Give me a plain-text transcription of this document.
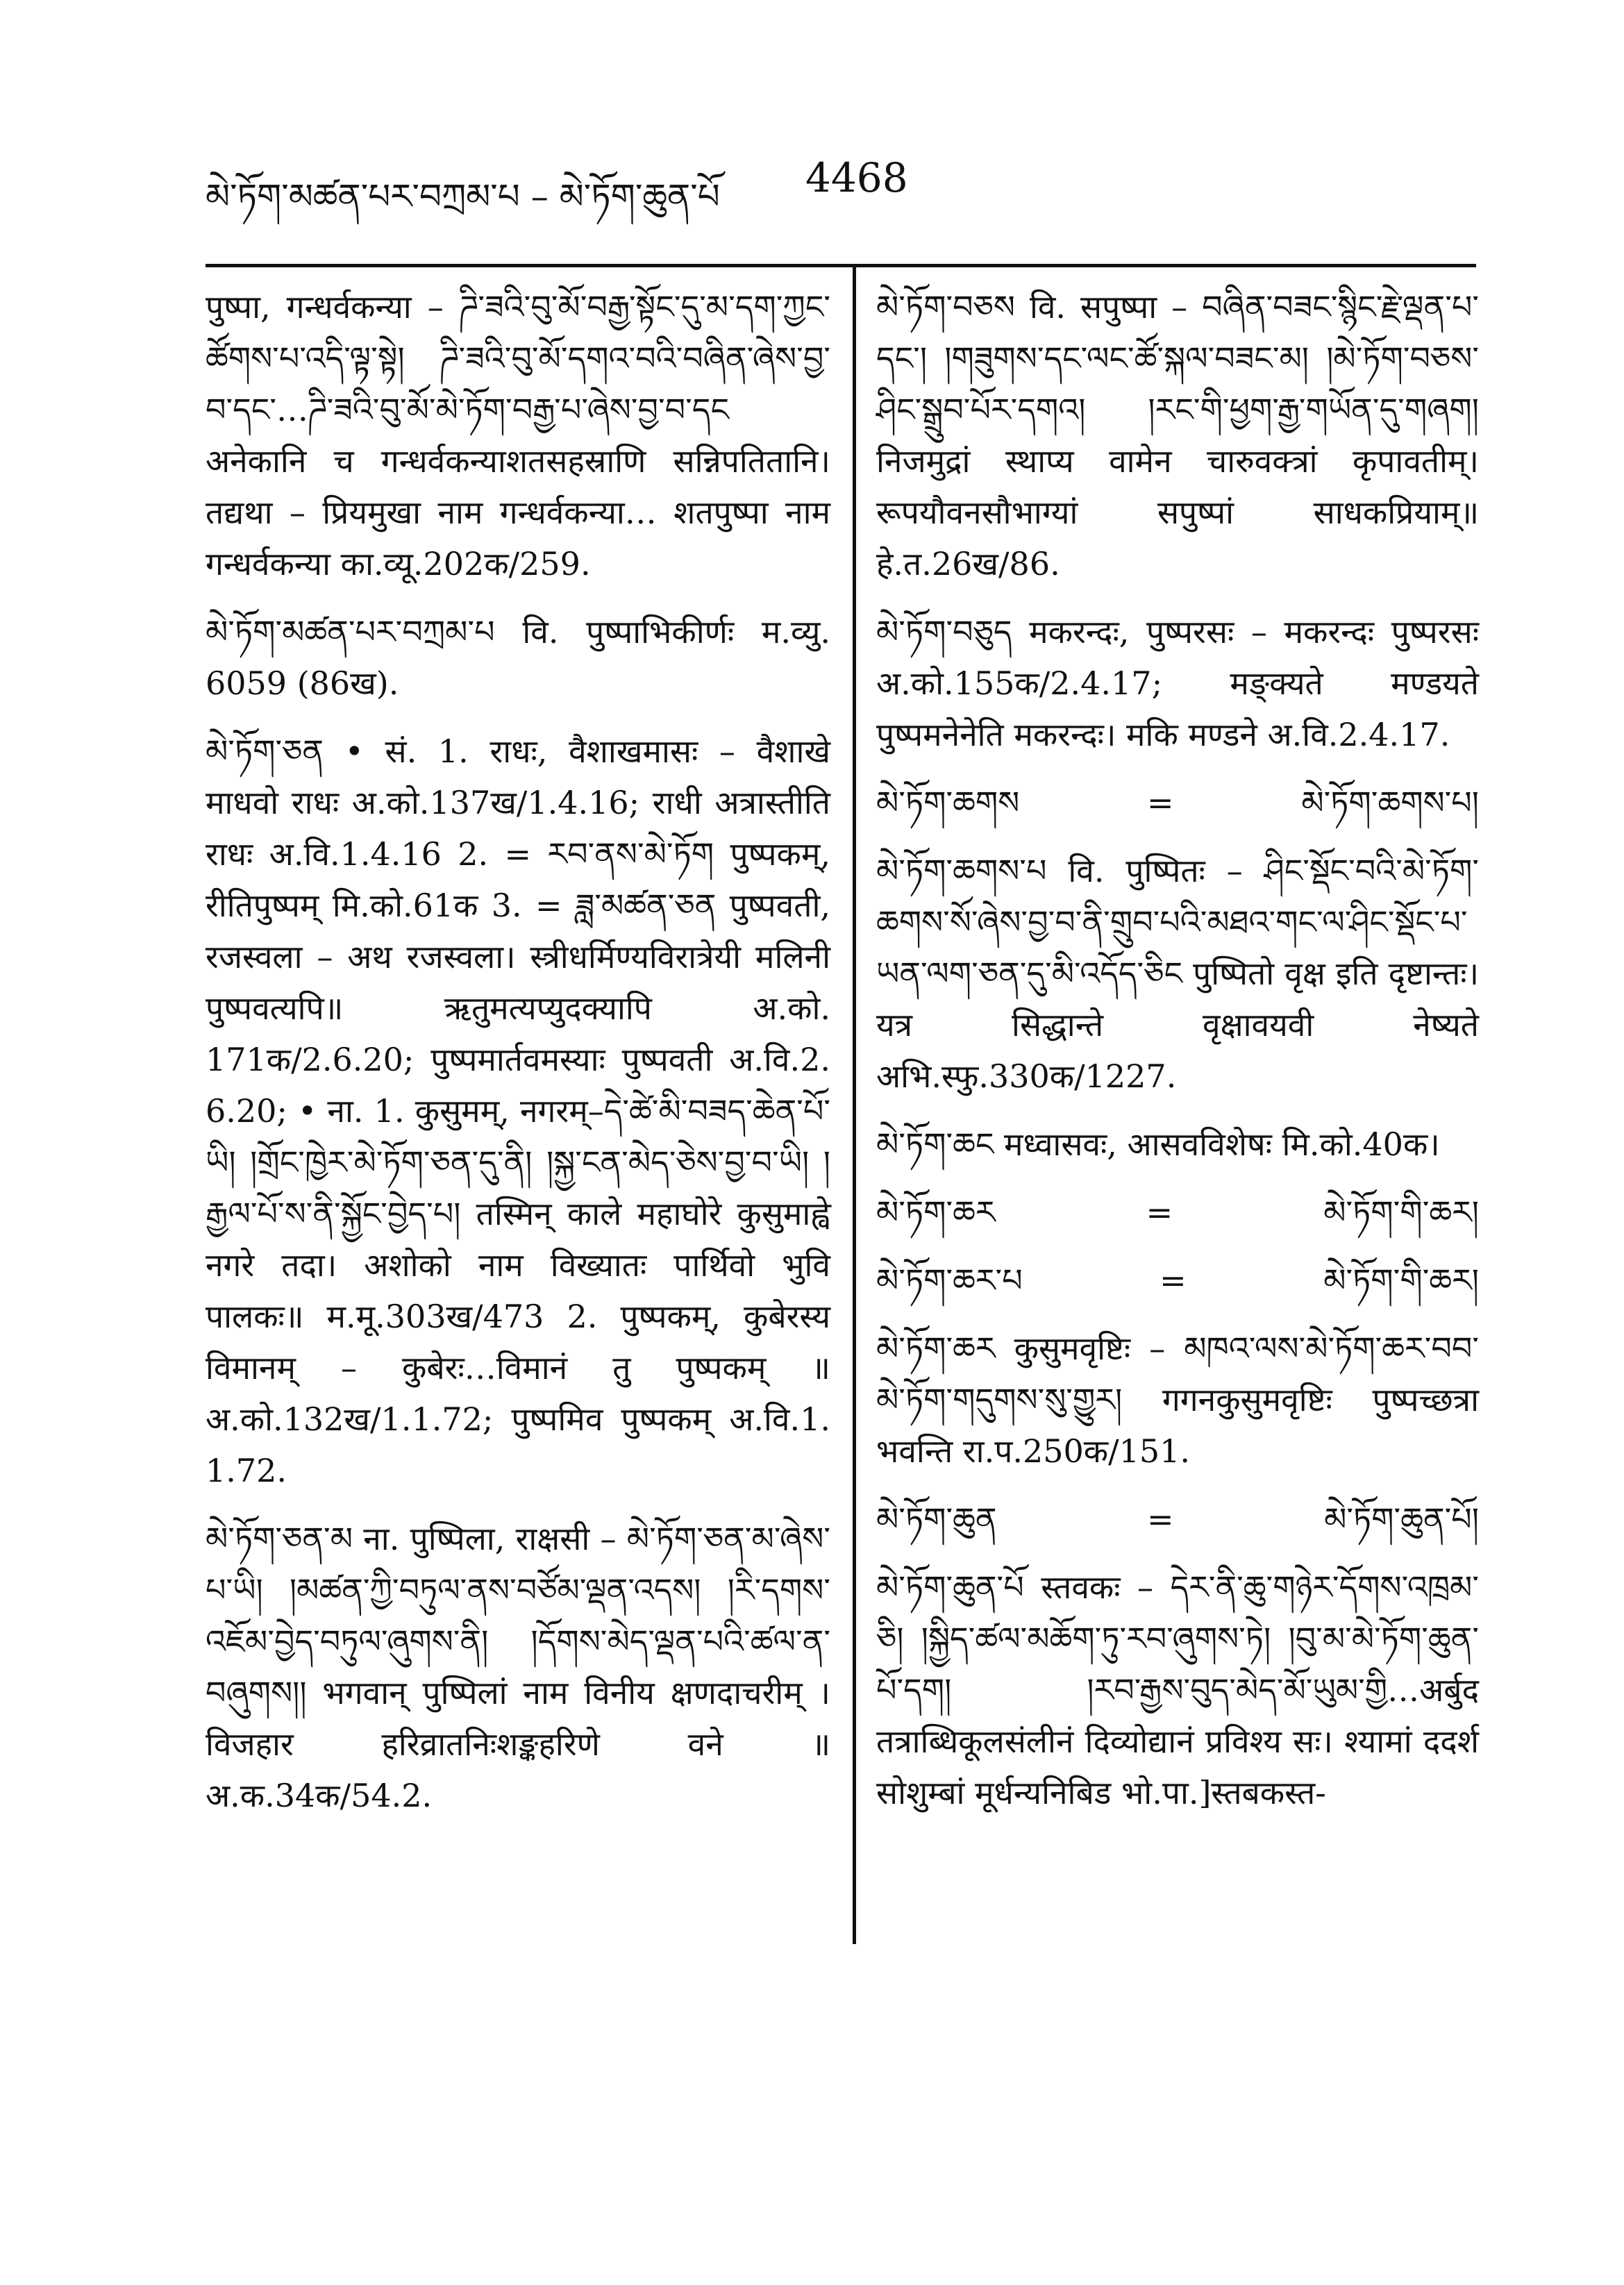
མེ་ཏོག་མཚན་པར་བཀྲམ་པ – མེ་ཏོག་ཆུན་པོ	4468

पुष्पा, गन्धर्वकन्या – ​ཌི་ཟའི་བུ་མོ་བརྒྱ་སྟོང་དུ་མ་དག་ཀྱང་ཚོགས་པ་འདི་ལྟ་སྟེ། ཌི་ཟའི་བུ་མོ་དགའ་བའི་བཞིན་ཞེས་བྱ་བ་དང་…ཌི་ཟའི་བུ་མོ་མེ་ཏོག་བརྒྱ་པ་ཞེས་བྱ་བ་དང अनेकानि च गन्धर्वकन्याशतसहस्राणि सन्निपतितानि। तद्यथा – प्रियमुखा नाम गन्धर्वकन्या… शतपुष्पा नाम गन्धर्वकन्या का.व्यू.202क/259.

མེ་ཏོག་མཚན་པར་བཀྲམ་པ वि. पुष्पाभिकीर्णः म.व्यु. 6059 (86ख).

མེ་ཏོག་ཅན • सं. 1. राधः, वैशाखमासः – वैशाखे माधवो राधः अ.को.137ख/1.4.16; राधी अत्रास्तीति राधः अ.वि.1.4.16 2. = རབ་ནས་མེ་ཏོག पुष्पकम्, रीतिपुष्पम् मि.को.61क 3. = ཟླ་མཚན་ཅན पुष्पवती, रजस्वला – अथ रजस्वला। स्त्रीधर्मिण्यविरात्रेयी मलिनी पुष्पवत्यपि॥ ऋतुमत्यप्युदक्यापि अ.को. 171क/2.6.20; पुष्पमार्तवमस्याः पुष्पवती अ.वि.2. 6.20; • ना. 1. कुसुमम्, नगरम्–དེ་ཚེ་མི་བཟད་ཆེན་པོ་ཡི། །གྲོང་ཁྱེར་མེ་ཏོག་ཅན་དུ་ནི། །སྐྱ་ངན་མེད་ཅེས་བྱ་བ་ཡི། །རྒྱལ་པོ་ས་ནི་སྐྱོང་བྱེད་པ། तस्मिन् काले महाघोरे कुसुमाह्वे नगरे तदा। अशोको नाम विख्यातः पार्थिवो भुवि पालकः॥ म.मू.303ख/473 2. पुष्पकम्, कुबेरस्य विमानम् – कुबेरः…विमानं तु पुष्पकम् ॥ अ.को.132ख/1.1.72; पुष्पमिव पुष्पकम् अ.वि.1. 1.72.

མེ་ཏོག་ཅན་མ ना. पुष्पिला, राक्षसी – མེ་ཏོག་ཅན་མ་ཞེས་པ་ཡི། །མཚན་ཀྱི་བཏུལ་ནས་བཙོམ་ལྡན་འདས། །རི་དགས་འཇོམ་བྱེད་བཏུལ་ཞུགས་ནི། །དོགས་མེད་ལྡན་པའི་ཚལ་ན་བཞུགས།། भगवान् पुष्पिलां नाम विनीय क्षणदाचरीम् । विजहार हरिव्रातनिःशङ्कहरिणे वने ॥ अ.क.34क/54.2.

མེ་ཏོག་བཅས वि. सपुष्पा – བཞིན་བཟང་སྙིང་རྗེ་ལྡན་པ་དང་། །གཟུགས་དང་ལང་ཚོ་སྐལ་བཟང་མ། །མེ་ཏོག་བཅས་ཤིང་སྒྲུབ་པོར་དགའ། །རང་གི་ཕྱག་རྒྱ་གཡོན་དུ་གཞག། निजमुद्रां स्थाप्य वामेन चारुवक्त्रां कृपावतीम्। रूपयौवनसौभाग्यां सपुष्पां साधकप्रियाम्॥ हे.त.26ख/86.

མེ་ཏོག་བཅུད मकरन्दः, पुष्परसः – मकरन्दः पुष्परसः अ.को.155क/2.4.17; मङ्क्यते मण्डयते पुष्पमनेनेति मकरन्दः। मकि मण्डने अ.वि.2.4.17.

མེ་ཏོག་ཆགས	=	མེ་ཏོག་ཆགས་པ།

མེ་ཏོག་ཆགས་པ वि. पुष्पितः – ཤིང་སྡོང་བའི་མེ་ཏོག་ཆགས་སོ་ཞེས་བྱ་བ་ནི་གྲུབ་པའི་མཐའ་གང་ལ་ཤིང་སྡོང་པ་ཡན་ལག་ཅན་དུ་མི་འདོད་ཅིང पुष्पितो वृक्ष इति दृष्टान्तः। यत्र सिद्धान्ते वृक्षावयवी नेष्यते अभि.स्फु.330क/1227.

མེ་ཏོག་ཆང मध्वासवः, आसवविशेषः मि.को.40क।

མེ་ཏོག་ཆར	=	མེ་ཏོག་གི་ཆར།
མེ་ཏོག་ཆར་པ	=	མེ་ཏོག་གི་ཆར།

མེ་ཏོག་ཆར कुसुमवृष्टिः – མཁའ་ལས་མེ་ཏོག་ཆར་བབ་མེ་ཏོག་གདུགས་སུ་གྱུར། गगनकुसुमवृष्टिः पुष्पच्छत्रा भवन्ति रा.प.250क/151.

མེ་ཏོག་ཆུན	=	མེ་ཏོག་ཆུན་པོ།

མེ་ཏོག་ཆུན་པོ स्तवकः – དེར་ནི་ཆུ་གཉེར་དོགས་འཁྲམ་ཅི། །སྐྱིད་ཚལ་མཆོག་ཏུ་རབ་ཞུགས་ཏེ། །བུ་མ་མེ་ཏོག་ཆུན་པོ་དག། །རབ་རྒྱས་བུད་མེད་མོ་ཡུམ་གྱི…अर्बुद तत्राब्धिकूलसंलीनं दिव्योद्यानं प्रविश्य सः। श्यामां ददर्श सोशुम्बां मूर्धन्यनिबिड भो.पा.]स्तबकस्त-
